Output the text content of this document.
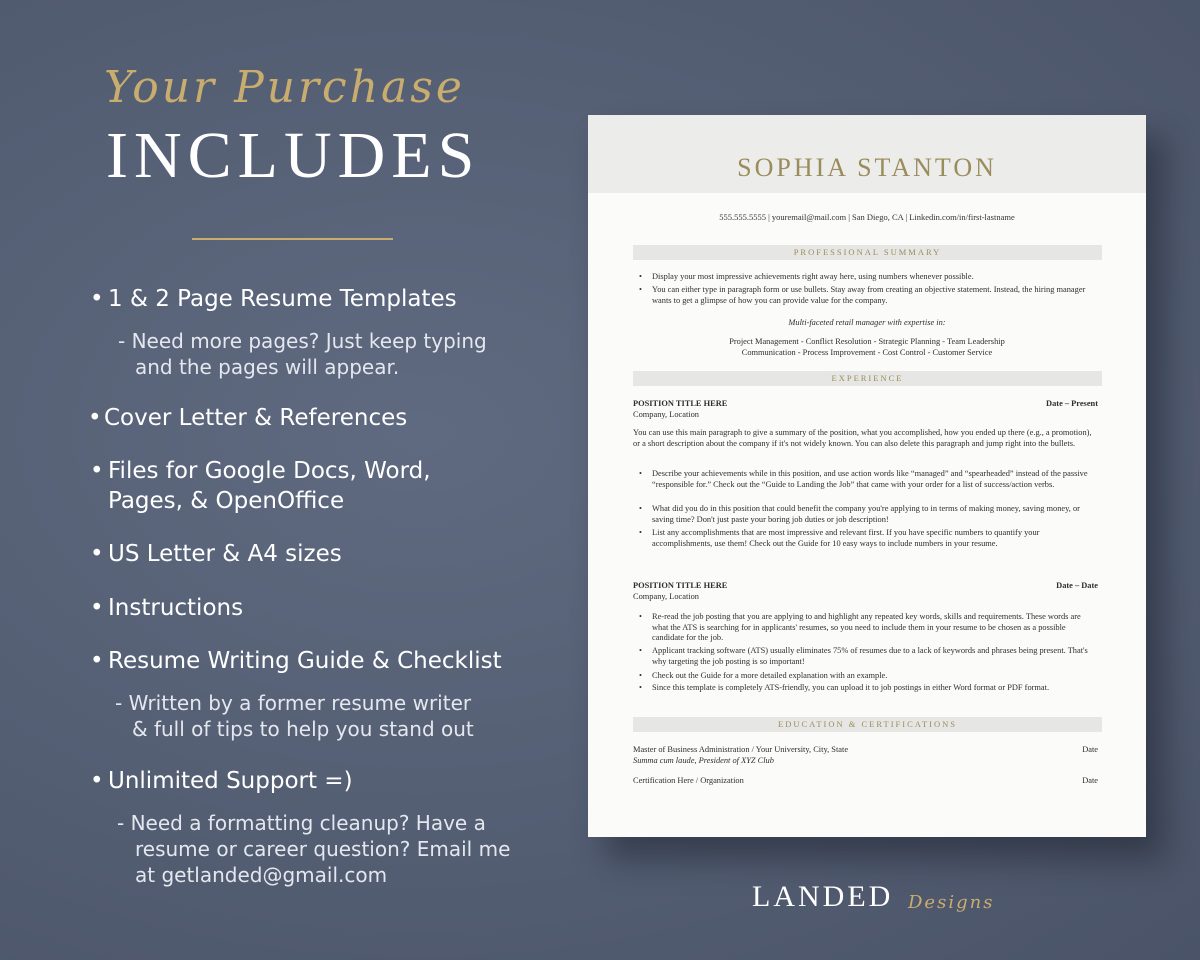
Your Purchase
INCLUDES
• 1 & 2 Page Resume Templates
- Need more pages? Just keep typing
and the pages will appear.
• Cover Letter & References
• Files for Google Docs, Word,
Pages, & OpenOffice
• US Letter & A4 sizes
• Instructions
• Resume Writing Guide & Checklist
- Written by a former resume writer
& full of tips to help you stand out
• Unlimited Support =)
- Need a formatting cleanup? Have a
resume or career question? Email me
at getlanded@gmail.com
SOPHIA STANTON
555.555.5555 | youremail@mail.com | San Diego, CA | Linkedin.com/in/first-lastname
PROFESSIONAL SUMMARY
• Display your most impressive achievements right away here, using numbers whenever possible.
• You can either type in paragraph form or use bullets. Stay away from creating an objective statement. Instead, the hiring manager wants to get a glimpse of how you can provide value for the company.
Multi-faceted retail manager with expertise in:
Project Management - Conflict Resolution - Strategic Planning - Team Leadership
Communication - Process Improvement - Cost Control - Customer Service
EXPERIENCE
POSITION TITLE HERE	Date – Present
Company, Location
You can use this main paragraph to give a summary of the position, what you accomplished, how you ended up there (e.g., a promotion), or a short description about the company if it's not widely known. You can also delete this paragraph and jump right into the bullets.
• Describe your achievements while in this position, and use action words like “managed” and “spearheaded” instead of the passive “responsible for.” Check out the “Guide to Landing the Job” that came with your order for a list of success/action verbs.
• What did you do in this position that could benefit the company you're applying to in terms of making money, saving money, or saving time? Don't just paste your boring job duties or job description!
• List any accomplishments that are most impressive and relevant first. If you have specific numbers to quantify your accomplishments, use them! Check out the Guide for 10 easy ways to include numbers in your resume.
POSITION TITLE HERE	Date – Date
Company, Location
• Re-read the job posting that you are applying to and highlight any repeated key words, skills and requirements. These words are what the ATS is searching for in applicants' resumes, so you need to include them in your resume to be chosen as a possible candidate for the job.
• Applicant tracking software (ATS) usually eliminates 75% of resumes due to a lack of keywords and phrases being present. That's why targeting the job posting is so important!
• Check out the Guide for a more detailed explanation with an example.
• Since this template is completely ATS-friendly, you can upload it to job postings in either Word format or PDF format.
EDUCATION & CERTIFICATIONS
Master of Business Administration / Your University, City, State	Date
Summa cum laude, President of XYZ Club
Certification Here / Organization	Date
LANDED Designs
